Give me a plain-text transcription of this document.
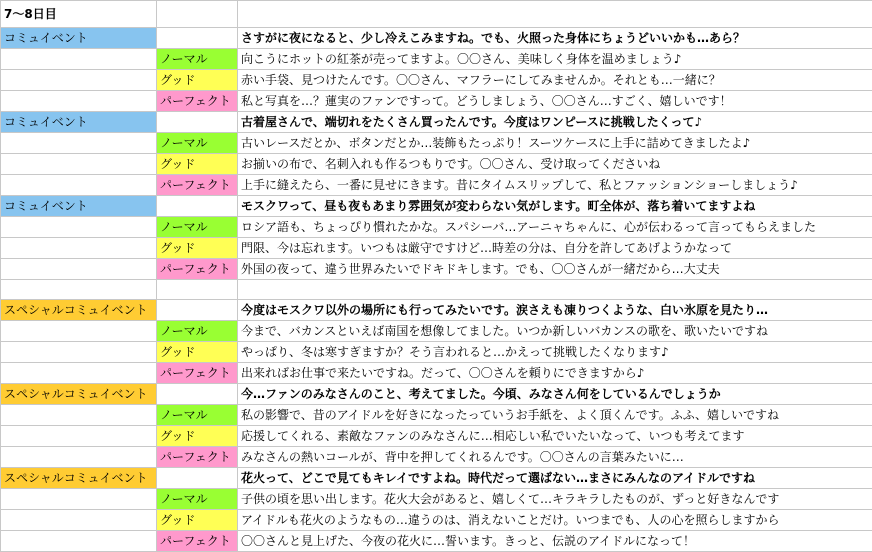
7～8日目		
コミュイベント		さすがに夜になると、少し冷えこみますね。でも、火照った身体にちょうどいいかも…あら？
	ノーマル	向こうにホットの紅茶が売ってますよ。〇〇さん、美味しく身体を温めましょう♪
	グッド	赤い手袋、見つけたんです。〇〇さん、マフラーにしてみませんか。それとも…一緒に？
	パーフェクト	私と写真を…？蓮実のファンですって。どうしましょう、〇〇さん…すごく、嬉しいです！
コミュイベント		古着屋さんで、端切れをたくさん買ったんです。今度はワンピースに挑戦したくって♪
	ノーマル	古いレースだとか、ボタンだとか…装飾もたっぷり！スーツケースに上手に詰めてきましたよ♪
	グッド	お揃いの布で、名刺入れも作るつもりです。〇〇さん、受け取ってくださいね
	パーフェクト	上手に縫えたら、一番に見せにきます。昔にタイムスリップして、私とファッションショーしましょう♪
コミュイベント		モスクワって、昼も夜もあまり雰囲気が変わらない気がします。町全体が、落ち着いてますよね
	ノーマル	ロシア語も、ちょっぴり慣れたかな。スパシーバ…アーニャちゃんに、心が伝わるって言ってもらえました
	グッド	門限、今は忘れます。いつもは厳守ですけど…時差の分は、自分を許してあげようかなって
	パーフェクト	外国の夜って、違う世界みたいでドキドキします。でも、〇〇さんが一緒だから…大丈夫

スペシャルコミュイベント		今度はモスクワ以外の場所にも行ってみたいです。涙さえも凍りつくような、白い氷原を見たり…
	ノーマル	今まで、バカンスといえば南国を想像してました。いつか新しいバカンスの歌を、歌いたいですね
	グッド	やっぱり、冬は寒すぎますか？そう言われると…かえって挑戦したくなります♪
	パーフェクト	出来ればお仕事で来たいですね。だって、〇〇さんを頼りにできますから♪
スペシャルコミュイベント		今…ファンのみなさんのこと、考えてました。今頃、みなさん何をしているんでしょうか
	ノーマル	私の影響で、昔のアイドルを好きになったっていうお手紙を、よく頂くんです。ふふ、嬉しいですね
	グッド	応援してくれる、素敵なファンのみなさんに…相応しい私でいたいなって、いつも考えてます
	パーフェクト	みなさんの熱いコールが、背中を押してくれるんです。〇〇さんの言葉みたいに…
スペシャルコミュイベント		花火って、どこで見てもキレイですよね。時代だって選ばない…まさにみんなのアイドルですね
	ノーマル	子供の頃を思い出します。花火大会があると、嬉しくて…キラキラしたものが、ずっと好きなんです
	グッド	アイドルも花火のようなもの…違うのは、消えないことだけ。いつまでも、人の心を照らしますから
	パーフェクト	〇〇さんと見上げた、今夜の花火に…誓います。きっと、伝説のアイドルになって！
